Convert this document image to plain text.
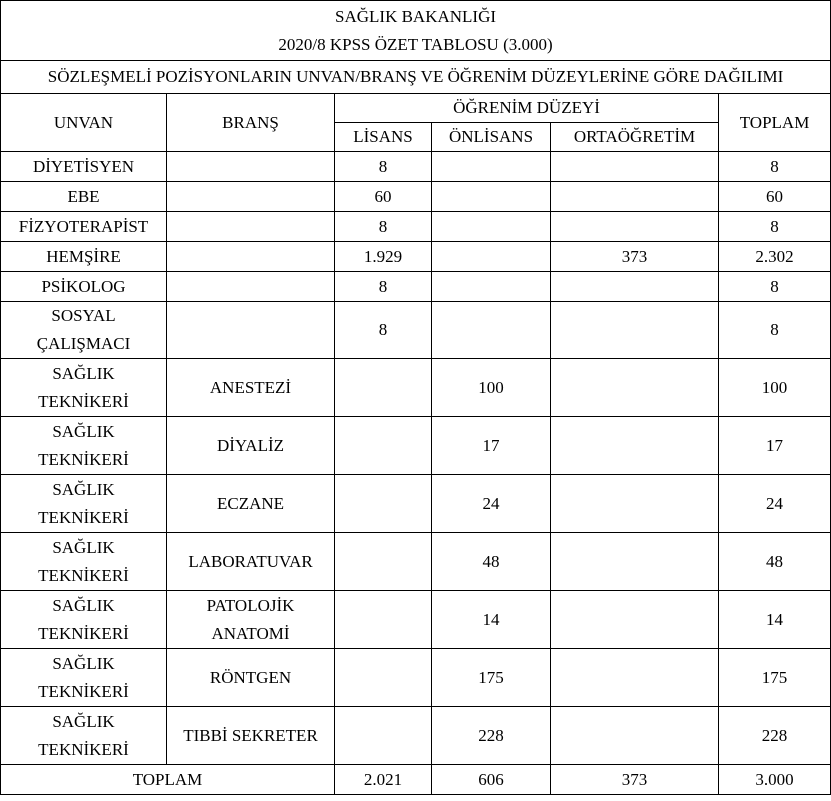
SAĞLIK BAKANLIĞI
2020/8 KPSS ÖZET TABLOSU (3.000)					

SÖZLEŞMELİ POZİSYONLARIN UNVAN/BRANŞ VE ÖĞRENİM DÜZEYLERİNE GÖRE DAĞILIMI					
UNVAN	BRANŞ	ÖĞRENİM DÜZEYİ			TOPLAM
		LİSANS	ÖNLİSANS	ORTAÖĞRETİM	

DİYETİSYEN		8			8

EBE		60			60

FİZYOTERAPİST		8			8

HEMŞİRE		1.929		373	2.302

PSİKOLOG		8			8

SOSYAL
ÇALIŞMACI		8			8

SAĞLIK
TEKNİKERİ	ANESTEZİ		100		100

SAĞLIK
TEKNİKERİ	DİYALİZ		17		17

SAĞLIK
TEKNİKERİ	ECZANE		24		24

SAĞLIK
TEKNİKERİ	LABORATUVAR		48		48

SAĞLIK
TEKNİKERİ	PATOLOJİK
ANATOMİ		14		14

SAĞLIK
TEKNİKERİ	RÖNTGEN		175		175

SAĞLIK
TEKNİKERİ	TIBBİ SEKRETER		228		228
TOPLAM		2.021	606	373	3.000
